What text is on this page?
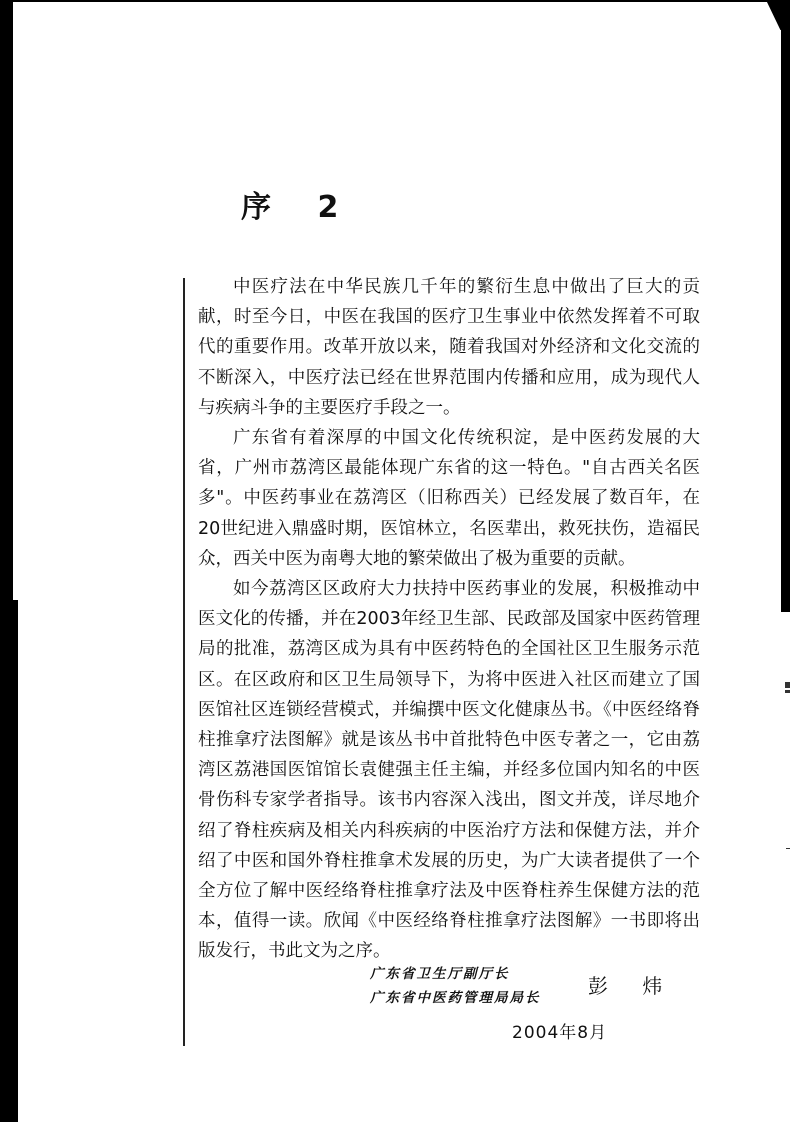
序 2

中医疗法在中华民族几千年的繁衍生息中做出了巨大的贡献，时至今日，中医在我国的医疗卫生事业中依然发挥着不可取代的重要作用。改革开放以来，随着我国对外经济和文化交流的不断深入，中医疗法已经在世界范围内传播和应用，成为现代人与疾病斗争的主要医疗手段之一。

广东省有着深厚的中国文化传统积淀，是中医药发展的大省，广州市荔湾区最能体现广东省的这一特色。"自古西关名医多"。中医药事业在荔湾区（旧称西关）已经发展了数百年，在20世纪进入鼎盛时期，医馆林立，名医辈出，救死扶伤，造福民众，西关中医为南粤大地的繁荣做出了极为重要的贡献。

如今荔湾区区政府大力扶持中医药事业的发展，积极推动中医文化的传播，并在2003年经卫生部、民政部及国家中医药管理局的批准，荔湾区成为具有中医药特色的全国社区卫生服务示范区。在区政府和区卫生局领导下，为将中医进入社区而建立了国医馆社区连锁经营模式，并编撰中医文化健康丛书。《中医经络脊柱推拿疗法图解》就是该丛书中首批特色中医专著之一，它由荔湾区荔港国医馆馆长袁健强主任主编，并经多位国内知名的中医骨伤科专家学者指导。该书内容深入浅出，图文并茂，详尽地介绍了脊柱疾病及相关内科疾病的中医治疗方法和保健方法，并介绍了中医和国外脊柱推拿术发展的历史，为广大读者提供了一个全方位了解中医经络脊柱推拿疗法及中医脊柱养生保健方法的范本，值得一读。欣闻《中医经络脊柱推拿疗法图解》一书即将出版发行，书此文为之序。

广东省卫生厅副厅长
广东省中医药管理局局长 彭 炜
2004年8月
